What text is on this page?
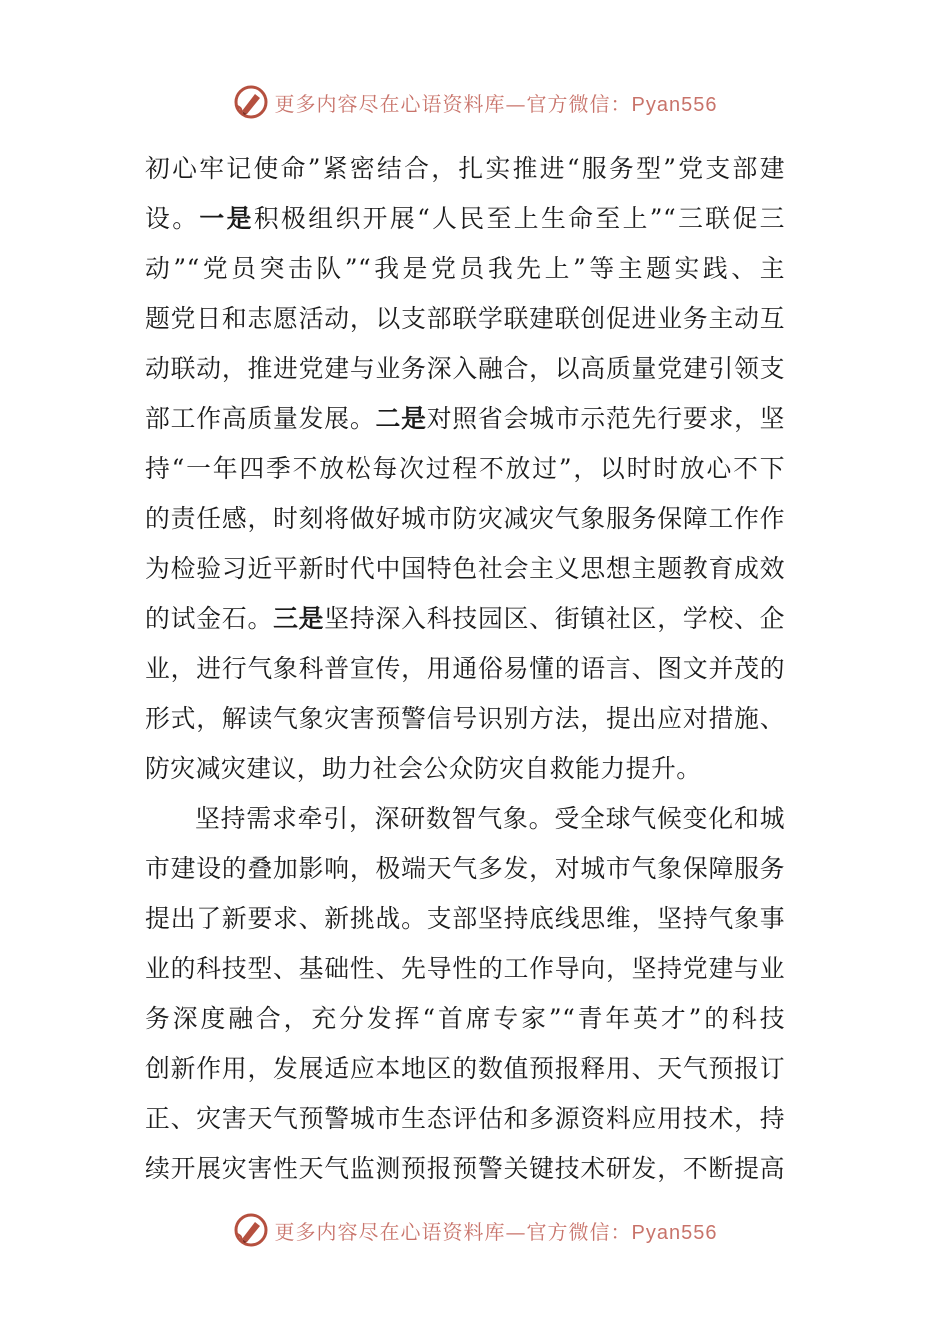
更多内容尽在心语资料库—官方微信：Pyan556
初心牢记使命”紧密结合，扎实推进“服务型”党支部建
设。一是积极组织开展“人民至上生命至上”“三联促三
动”“党员突击队”“我是党员我先上”等主题实践、主
题党日和志愿活动，以支部联学联建联创促进业务主动互
动联动，推进党建与业务深入融合，以高质量党建引领支
部工作高质量发展。二是对照省会城市示范先行要求，坚
持“一年四季不放松每次过程不放过”，以时时放心不下
的责任感，时刻将做好城市防灾减灾气象服务保障工作作
为检验习近平新时代中国特色社会主义思想主题教育成效
的试金石。三是坚持深入科技园区、街镇社区，学校、企
业，进行气象科普宣传，用通俗易懂的语言、图文并茂的
形式，解读气象灾害预警信号识别方法，提出应对措施、
防灾减灾建议，助力社会公众防灾自救能力提升。
坚持需求牵引，深研数智气象。受全球气候变化和城
市建设的叠加影响，极端天气多发，对城市气象保障服务
提出了新要求、新挑战。支部坚持底线思维，坚持气象事
业的科技型、基础性、先导性的工作导向，坚持党建与业
务深度融合，充分发挥“首席专家”“青年英才”的科技
创新作用，发展适应本地区的数值预报释用、天气预报订
正、灾害天气预警城市生态评估和多源资料应用技术，持
续开展灾害性天气监测预报预警关键技术研发，不断提高
更多内容尽在心语资料库—官方微信：Pyan556
